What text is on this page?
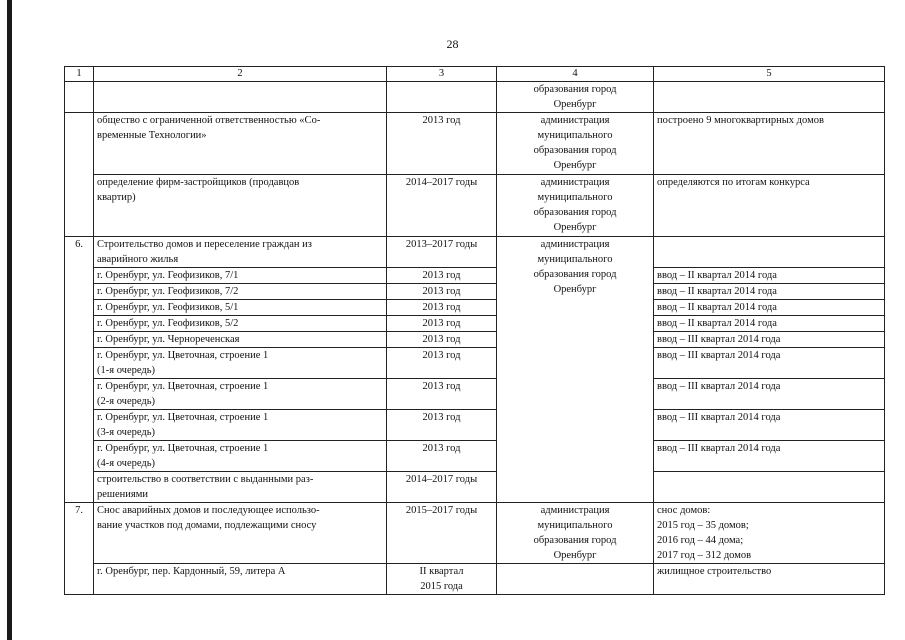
28
1	2	3	4	5

			образования город
Оренбург	

	общество с ограниченной ответственностью «Со-
временные Технологии»	2013 год	администрация
муниципального
образования город
Оренбург	построено 9 многоквартирных домов

	определение фирм-застройщиков (продавцов
квартир)	2014–2017 годы	администрация
муниципального
образования город
Оренбург	определяются по итогам конкурса

6.	Строительство домов и переселение граждан из
аварийного жилья	2013–2017 годы	администрация
муниципального
образования город
Оренбург	

	г. Оренбург, ул. Геофизиков, 7/1	2013 год		ввод – II квартал 2014 года

	г. Оренбург, ул. Геофизиков, 7/2	2013 год		ввод – II квартал 2014 года

	г. Оренбург, ул. Геофизиков, 5/1	2013 год		ввод – II квартал 2014 года

	г. Оренбург, ул. Геофизиков, 5/2	2013 год		ввод – II квартал 2014 года

	г. Оренбург, ул. Чернореченская	2013 год		ввод – III квартал 2014 года

	г. Оренбург, ул. Цветочная, строение 1
(1-я очередь)	2013 год		ввод – III квартал 2014 года

	г. Оренбург, ул. Цветочная, строение 1
(2-я очередь)	2013 год		ввод – III квартал 2014 года

	г. Оренбург, ул. Цветочная, строение 1
(3-я очередь)	2013 год		ввод – III квартал 2014 года

	г. Оренбург, ул. Цветочная, строение 1
(4-я очередь)	2013 год		ввод – III квартал 2014 года

	строительство в соответствии с выданными раз-
решениями	2014–2017 годы		

7.	Снос аварийных домов и последующее использо-
вание участков под домами, подлежащими сносу	2015–2017 годы	администрация
муниципального
образования город
Оренбург	снос домов:
2015 год – 35 домов;
2016 год – 44 дома;
2017 год – 312 домов

	г. Оренбург, пер. Кардонный, 59, литера А	II квартал
2015 года		жилищное строительство
